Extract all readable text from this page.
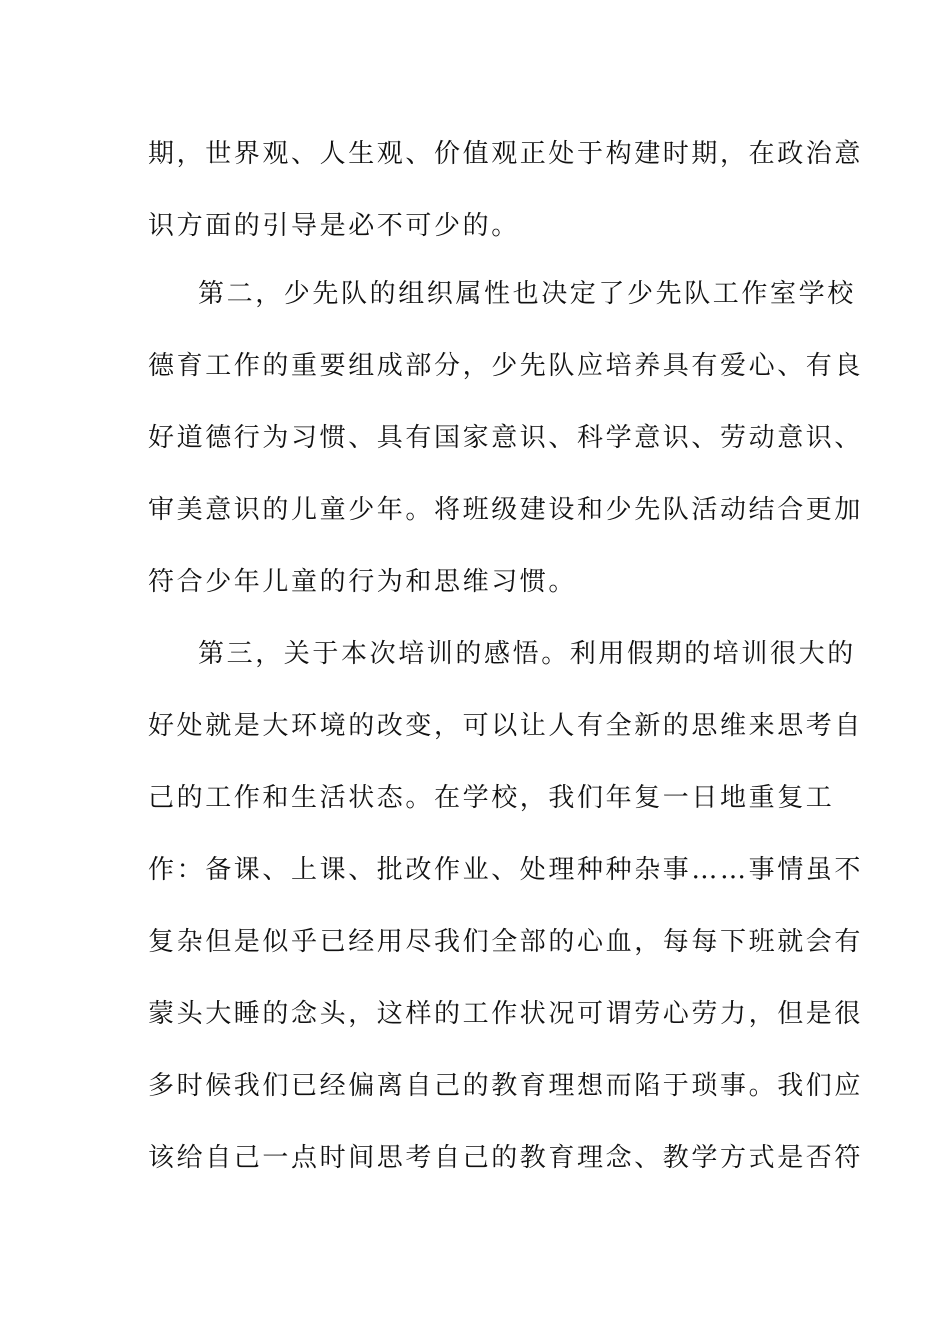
期，世界观、人生观、价值观正处于构建时期，在政治意
识方面的引导是必不可少的。
第二，少先队的组织属性也决定了少先队工作室学校
德育工作的重要组成部分，少先队应培养具有爱心、有良
好道德行为习惯、具有国家意识、科学意识、劳动意识、
审美意识的儿童少年。将班级建设和少先队活动结合更加
符合少年儿童的行为和思维习惯。
第三，关于本次培训的感悟。利用假期的培训很大的
好处就是大环境的改变，可以让人有全新的思维来思考自
己的工作和生活状态。在学校，我们年复一日地重复工
作：备课、上课、批改作业、处理种种杂事……事情虽不
复杂但是似乎已经用尽我们全部的心血，每每下班就会有
蒙头大睡的念头，这样的工作状况可谓劳心劳力，但是很
多时候我们已经偏离自己的教育理想而陷于琐事。我们应
该给自己一点时间思考自己的教育理念、教学方式是否符
